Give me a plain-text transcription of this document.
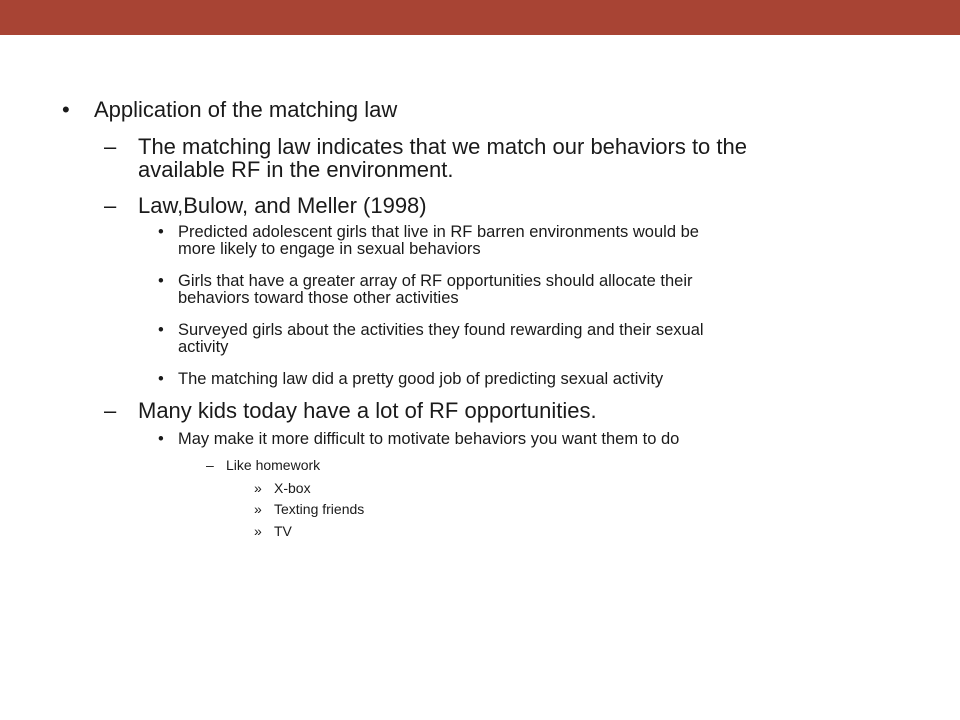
• Application of the matching law
– The matching law indicates that we match our behaviors to the
available RF in the environment.
– Law,Bulow, and Meller (1998)
• Predicted adolescent girls that live in RF barren environments would be
more likely to engage in sexual behaviors
• Girls that have a greater array of RF opportunities should allocate their
behaviors toward those other activities
• Surveyed girls about the activities they found rewarding and their sexual
activity
• The matching law did a pretty good job of predicting sexual activity
– Many kids today have a lot of RF opportunities.
• May make it more difficult to motivate behaviors you want them to do
– Like homework
» X-box
» Texting friends
» TV
